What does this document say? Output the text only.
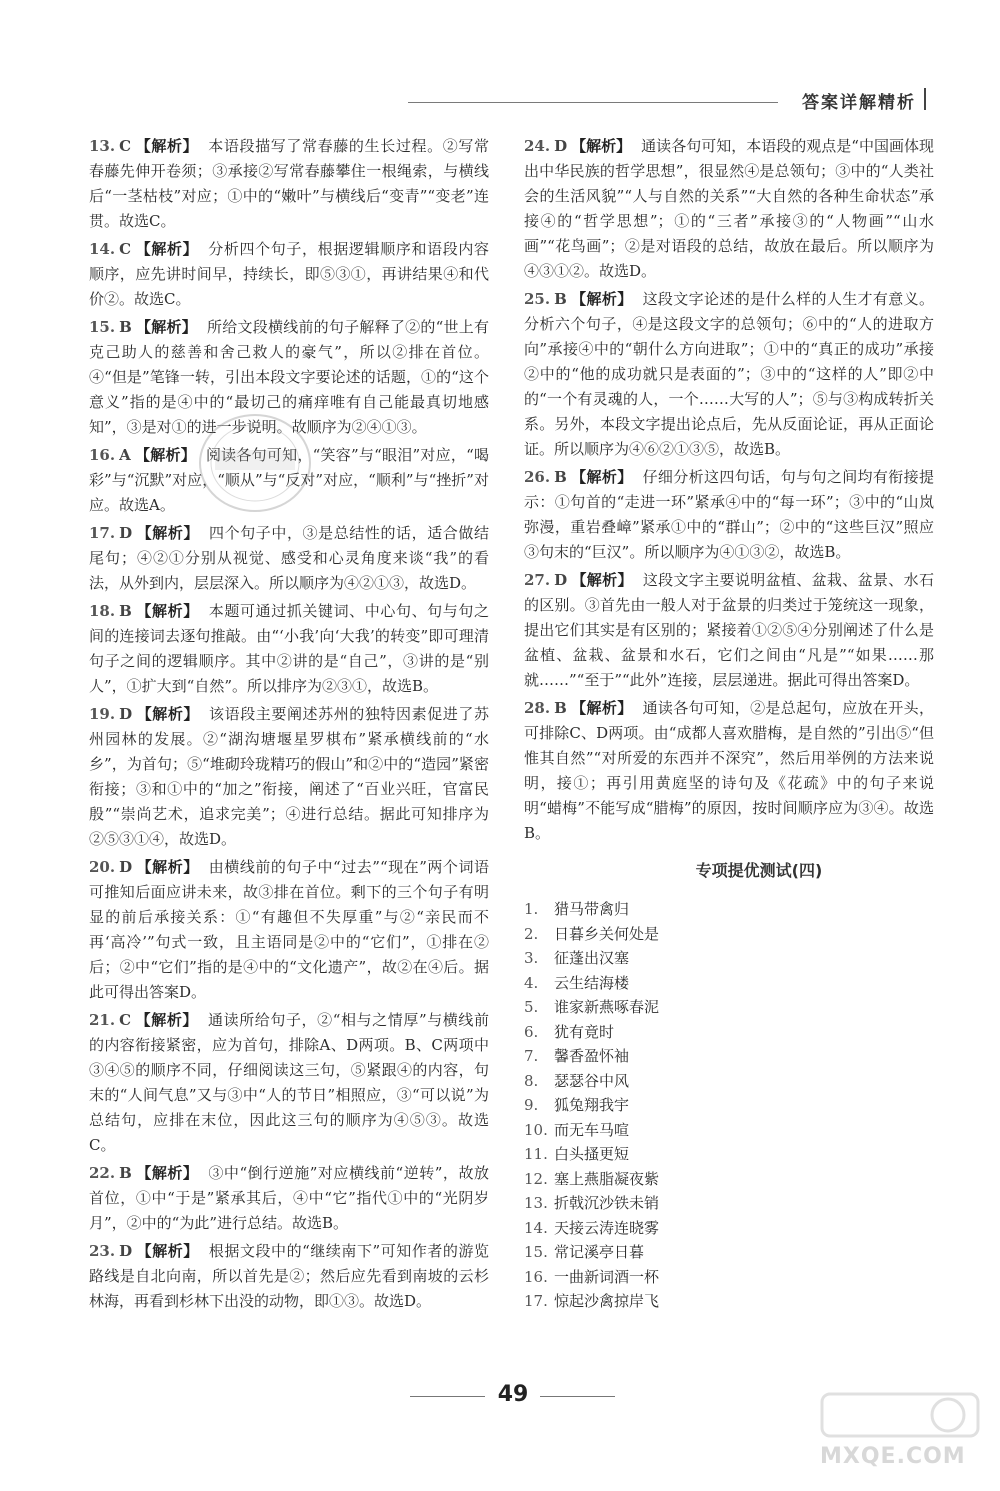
答案详解精析
13. C 【解析】 本语段描写了常春藤的生长过程。②写常春藤先伸开卷须；③承接②写常春藤攀住一根绳索，与横线后“一茎枯枝”对应；①中的“嫩叶”与横线后“变青”“变老”连贯。故选C。
14. C 【解析】 分析四个句子，根据逻辑顺序和语段内容顺序，应先讲时间早，持续长，即⑤③①，再讲结果④和代价②。故选C。
15. B 【解析】 所给文段横线前的句子解释了②的“世上有克己助人的慈善和舍己救人的豪气”，所以②排在首位。④“但是”笔锋一转，引出本段文字要论述的话题，①的“这个意义”指的是④中的“最切己的痛痒唯有自己能最真切地感知”，③是对①的进一步说明。故顺序为②④①③。
16. A 【解析】 阅读各句可知，“笑容”与“眼泪”对应，“喝彩”与“沉默”对应，“顺从”与“反对”对应，“顺利”与“挫折”对应。故选A。
17. D 【解析】 四个句子中，③是总结性的话，适合做结尾句；④②①分别从视觉、感受和心灵角度来谈“我”的看法，从外到内，层层深入。所以顺序为④②①③，故选D。
18. B 【解析】 本题可通过抓关键词、中心句、句与句之间的连接词去逐句推敲。由“‘小我’向‘大我’的转变”即可理清句子之间的逻辑顺序。其中②讲的是“自己”，③讲的是“别人”，①扩大到“自然”。所以排序为②③①，故选B。
19. D 【解析】 该语段主要阐述苏州的独特因素促进了苏州园林的发展。②“湖沟塘堰星罗棋布”紧承横线前的“水乡”，为首句；⑤“堆砌玲珑精巧的假山”和②中的“造园”紧密衔接；③和①中的“加之”衔接，阐述了“百业兴旺，官富民殷”“崇尚艺术，追求完美”；④进行总结。据此可知排序为②⑤③①④，故选D。
20. D 【解析】 由横线前的句子中“过去”“现在”两个词语可推知后面应讲未来，故③排在首位。剩下的三个句子有明显的前后承接关系：①“有趣但不失厚重”与②“亲民而不再‘高冷’”句式一致，且主语同是②中的“它们”，①排在②后；②中“它们”指的是④中的“文化遗产”，故②在④后。据此可得出答案D。
21. C 【解析】 通读所给句子，②“相与之情厚”与横线前的内容衔接紧密，应为首句，排除A、D两项。B、C两项中③④⑤的顺序不同，仔细阅读这三句，⑤紧跟④的内容，句末的“人间气息”又与③中“人的节日”相照应，③“可以说”为总结句，应排在末位，因此这三句的顺序为④⑤③。故选C。
22. B 【解析】 ③中“倒行逆施”对应横线前“逆转”，故放首位，①中“于是”紧承其后，④中“它”指代①中的“光阴岁月”，②中的“为此”进行总结。故选B。
23. D 【解析】 根据文段中的“继续南下”可知作者的游览路线是自北向南，所以首先是②；然后应先看到南坡的云杉林海，再看到杉林下出没的动物，即①③。故选D。
24. D 【解析】 通读各句可知，本语段的观点是“中国画体现出中华民族的哲学思想”，很显然④是总领句；③中的“人类社会的生活风貌”“人与自然的关系”“大自然的各种生命状态”承接④的“哲学思想”；①的“三者”承接③的“人物画”“山水画”“花鸟画”；②是对语段的总结，故放在最后。所以顺序为④③①②。故选D。
25. B 【解析】 这段文字论述的是什么样的人生才有意义。分析六个句子，④是这段文字的总领句；⑥中的“人的进取方向”承接④中的“朝什么方向进取”；①中的“真正的成功”承接②中的“他的成功就只是表面的”；③中的“这样的人”即②中的“一个有灵魂的人，一个……大写的人”；⑤与③构成转折关系。另外，本段文字提出论点后，先从反面论证，再从正面论证。所以顺序为④⑥②①③⑤，故选B。
26. B 【解析】 仔细分析这四句话，句与句之间均有衔接提示：①句首的“走进一环”紧承④中的“每一环”；③中的“山岚弥漫，重岩叠嶂”紧承①中的“群山”；②中的“这些巨汉”照应③句末的“巨汉”。所以顺序为④①③②，故选B。
27. D 【解析】 这段文字主要说明盆植、盆栽、盆景、水石的区别。③首先由一般人对于盆景的归类过于笼统这一现象，提出它们其实是有区别的；紧接着①②⑤④分别阐述了什么是盆植、盆栽、盆景和水石，它们之间由“凡是”“如果……那就……”“至于”“此外”连接，层层递进。据此可得出答案D。
28. B 【解析】 通读各句可知，②是总起句，应放在开头，可排除C、D两项。由“成都人喜欢腊梅，是自然的”引出⑤“但惟其自然”“对所爱的东西并不深究”，然后用举例的方法来说明，接①；再引用黄庭坚的诗句及《花疏》中的句子来说明“蜡梅”不能写成“腊梅”的原因，按时间顺序应为③④。故选B。
专项提优测试(四)
1. 猎马带禽归
2. 日暮乡关何处是
3. 征蓬出汉塞
4. 云生结海楼
5. 谁家新燕啄春泥
6. 犹有竟时
7. 馨香盈怀袖
8. 瑟瑟谷中风
9. 狐兔翔我宇
10. 而无车马喧
11. 白头搔更短
12. 塞上燕脂凝夜紫
13. 折戟沉沙铁未销
14. 天接云涛连晓雾
15. 常记溪亭日暮
16. 一曲新词酒一杯
17. 惊起沙禽掠岸飞
49
MXQE.COM
